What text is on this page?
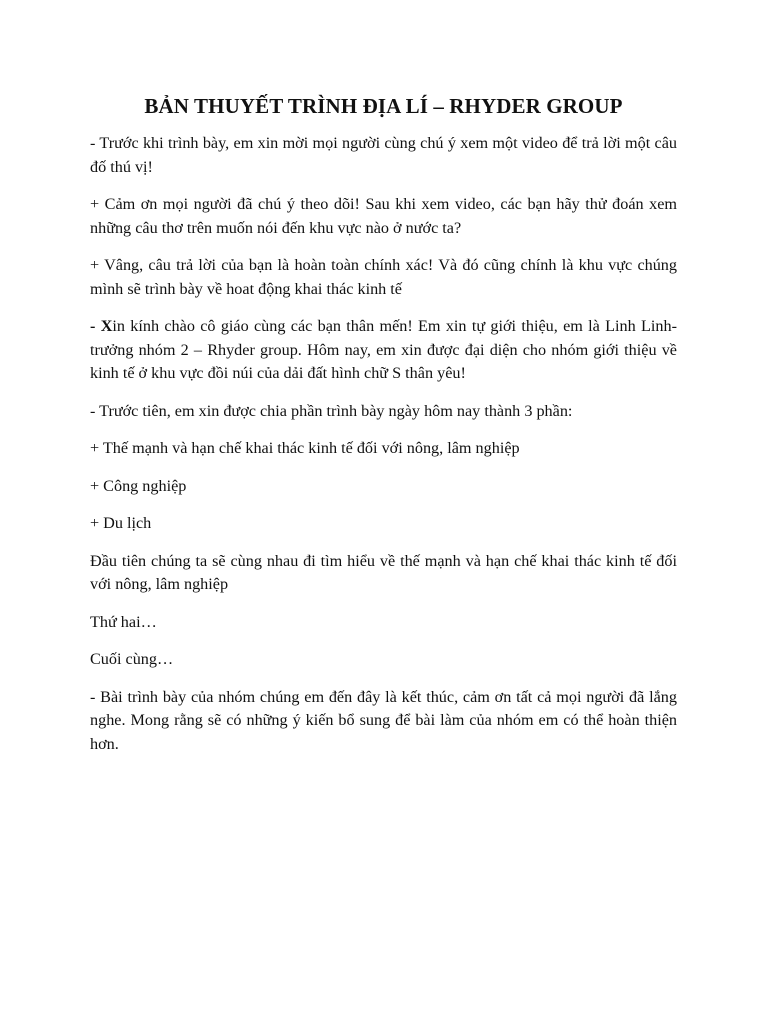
BẢN THUYẾT TRÌNH ĐỊA LÍ – RHYDER GROUP

- Trước khi trình bày, em xin mời mọi người cùng chú ý xem một video để trả lời một câu đố thú vị!

+ Cảm ơn mọi người đã chú ý theo dõi! Sau khi xem video, các bạn hãy thử đoán xem những câu thơ trên muốn nói đến khu vực nào ở nước ta?

+ Vâng, câu trả lời của bạn là hoàn toàn chính xác! Và đó cũng chính là khu vực chúng mình sẽ trình bày về hoat động khai thác kinh tế

- Xin kính chào cô giáo cùng các bạn thân mến! Em xin tự giới thiệu, em là Linh Linh- trưởng nhóm 2 – Rhyder group. Hôm nay, em xin được đại diện cho nhóm giới thiệu về kinh tế ở khu vực đồi núi của dải đất hình chữ S thân yêu!

- Trước tiên, em xin được chia phần trình bày ngày hôm nay thành 3 phần:

+ Thế mạnh và hạn chế khai thác kinh tế đối với nông, lâm nghiệp

+ Công nghiệp

+ Du lịch

Đầu tiên chúng ta sẽ cùng nhau đi tìm hiểu về thế mạnh và hạn chế khai thác kinh tế đối với nông, lâm nghiệp

Thứ hai…

Cuối cùng…

- Bài trình bày của nhóm chúng em đến đây là kết thúc, cảm ơn tất cả mọi người đã lắng nghe. Mong rằng sẽ có những ý kiến bổ sung để bài làm của nhóm em có thể hoàn thiện hơn.
